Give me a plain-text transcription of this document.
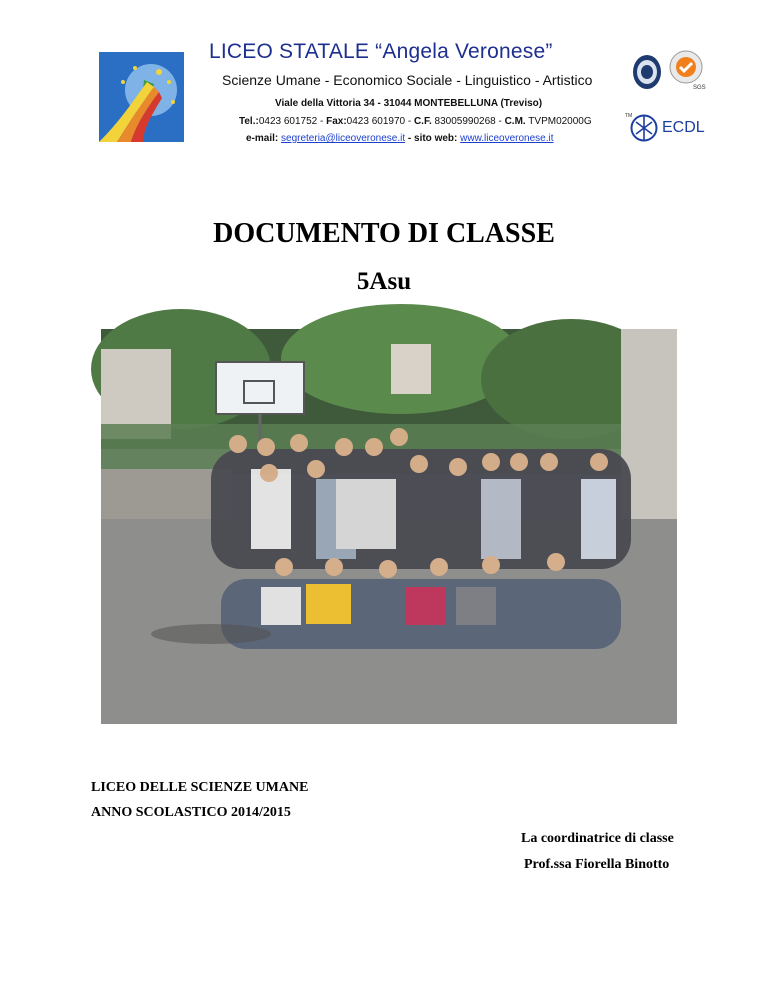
LICEO STATALE “Angela Veronese”
Scienze Umane - Economico Sociale - Linguistico - Artistico
Viale della Vittoria 34 - 31044 MONTEBELLUNA (Treviso)
Tel.:0423 601752 - Fax:0423 601970 - C.F. 83005990268 - C.M. TVPM02000G
e-mail: segreteria@liceoveronese.it - sito web: www.liceoveronese.it
SGS
TM
ECDL
DOCUMENTO DI CLASSE
5Asu
LICEO DELLE SCIENZE UMANE
ANNO SCOLASTICO 2014/2015
La coordinatrice di classe
Prof.ssa Fiorella Binotto
